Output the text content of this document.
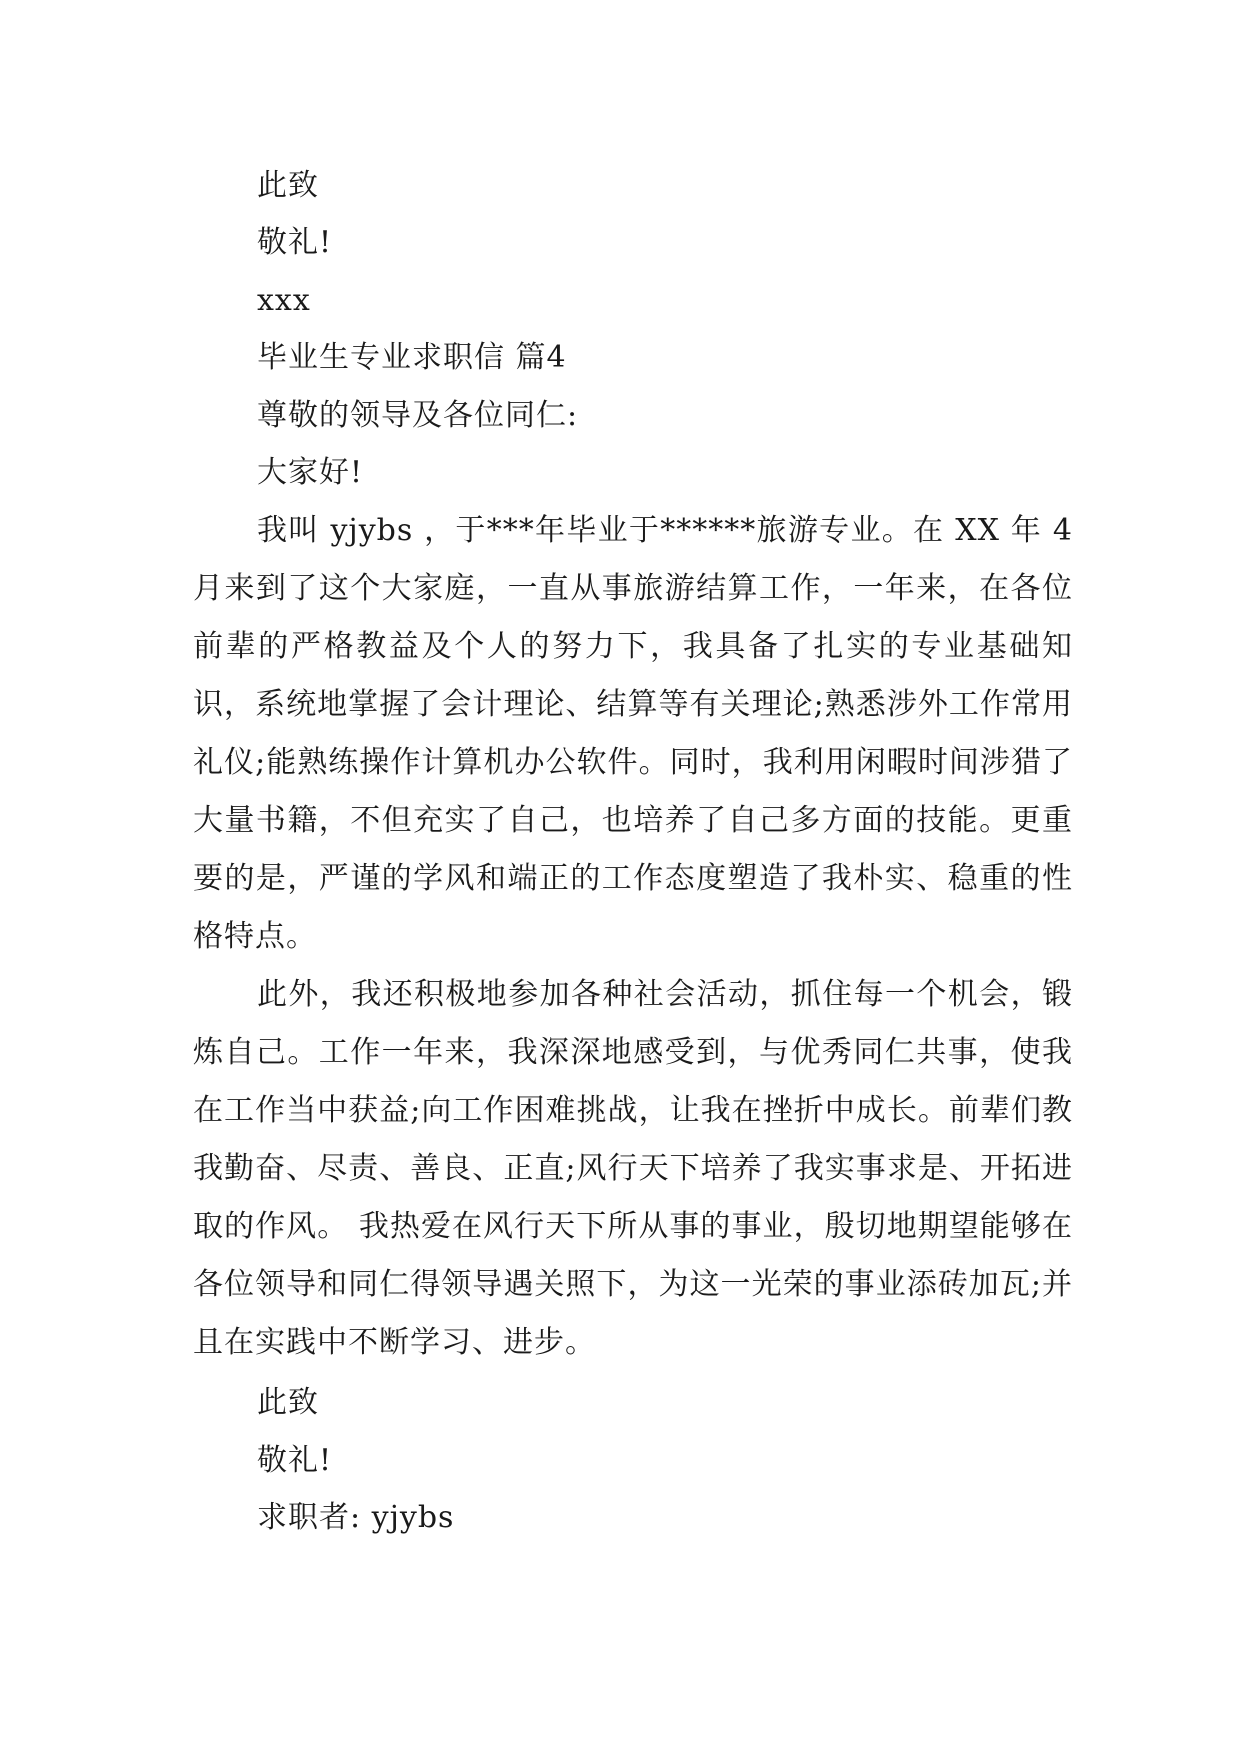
此致
敬礼!
xxx
毕业生专业求职信 篇4
尊敬的领导及各位同仁:
大家好!

我叫 yjybs ，于***年毕业于******旅游专业。在 XX 年 4 月来到了这个大家庭，一直从事旅游结算工作，一年来，在各位前辈的严格教益及个人的努力下，我具备了扎实的专业基础知识，系统地掌握了会计理论、结算等有关理论;熟悉涉外工作常用礼仪;能熟练操作计算机办公软件。同时，我利用闲暇时间涉猎了大量书籍，不但充实了自己，也培养了自己多方面的技能。更重要的是，严谨的学风和端正的工作态度塑造了我朴实、稳重的性格特点。

此外，我还积极地参加各种社会活动，抓住每一个机会，锻炼自己。工作一年来，我深深地感受到，与优秀同仁共事，使我在工作当中获益;向工作困难挑战，让我在挫折中成长。前辈们教我勤奋、尽责、善良、正直;风行天下培养了我实事求是、开拓进取的作风。 我热爱在风行天下所从事的事业，殷切地期望能够在各位领导和同仁得领导遇关照下，为这一光荣的事业添砖加瓦;并且在实践中不断学习、进步。

此致
敬礼!
求职者: yjybs
